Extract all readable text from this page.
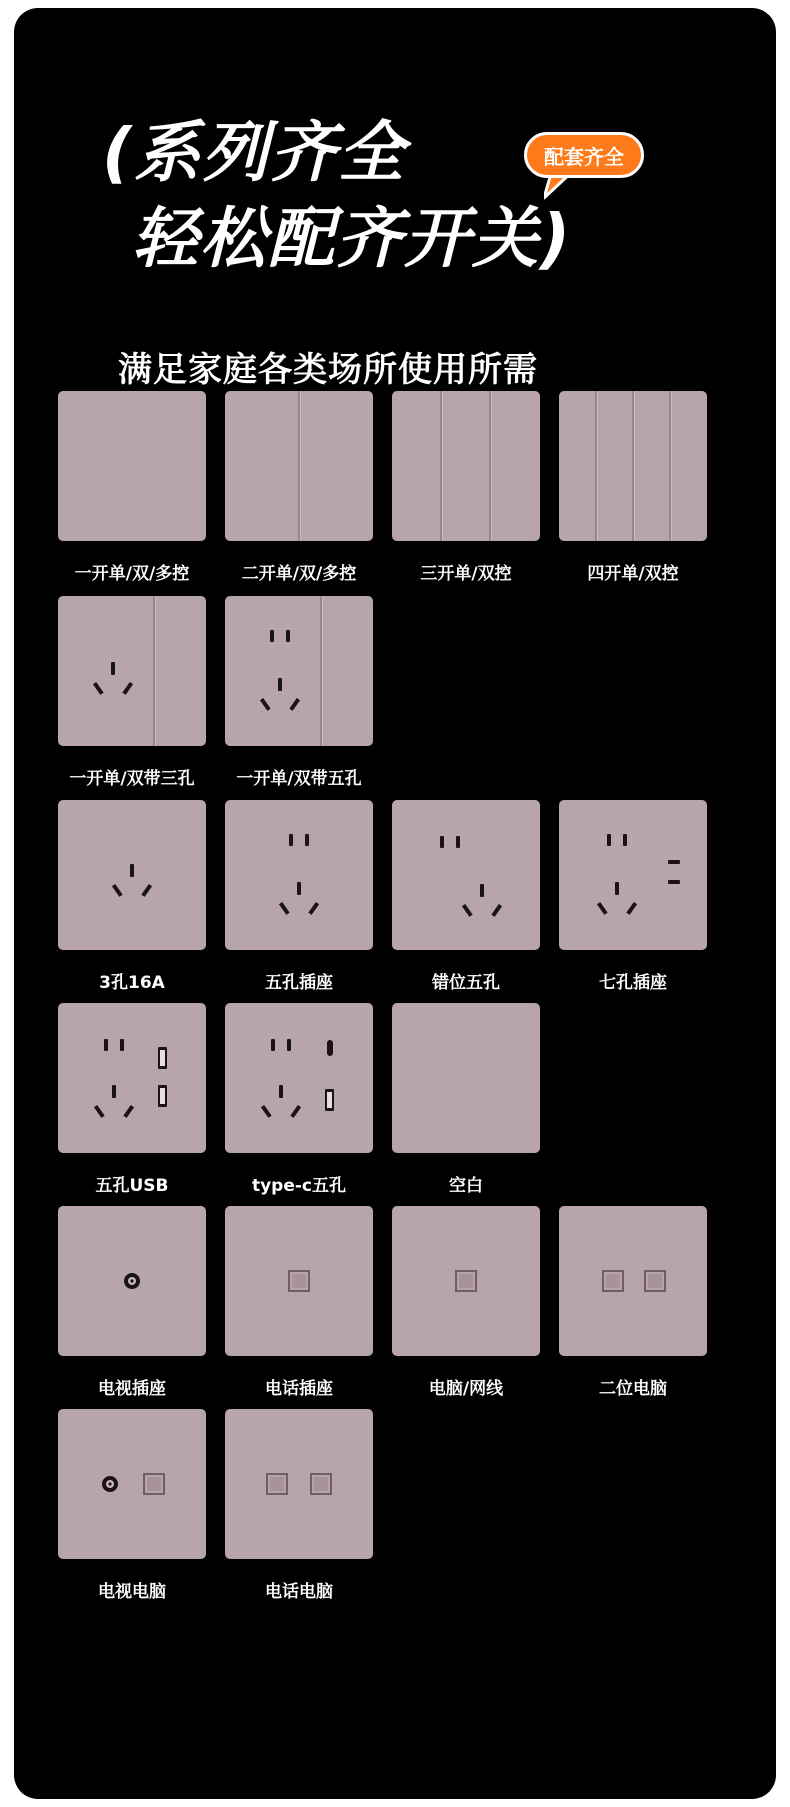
(系列齐全
轻松配齐开关)
配套齐全
满足家庭各类场所使用所需
一开单/双/多控	二开单/双/多控	三开单/双控	四开单/双控
一开单/双带三孔	一开单/双带五孔
3孔16A	五孔插座	错位五孔	七孔插座
五孔USB	type-c五孔	空白
电视插座	电话插座	电脑/网线	二位电脑
电视电脑	电话电脑
